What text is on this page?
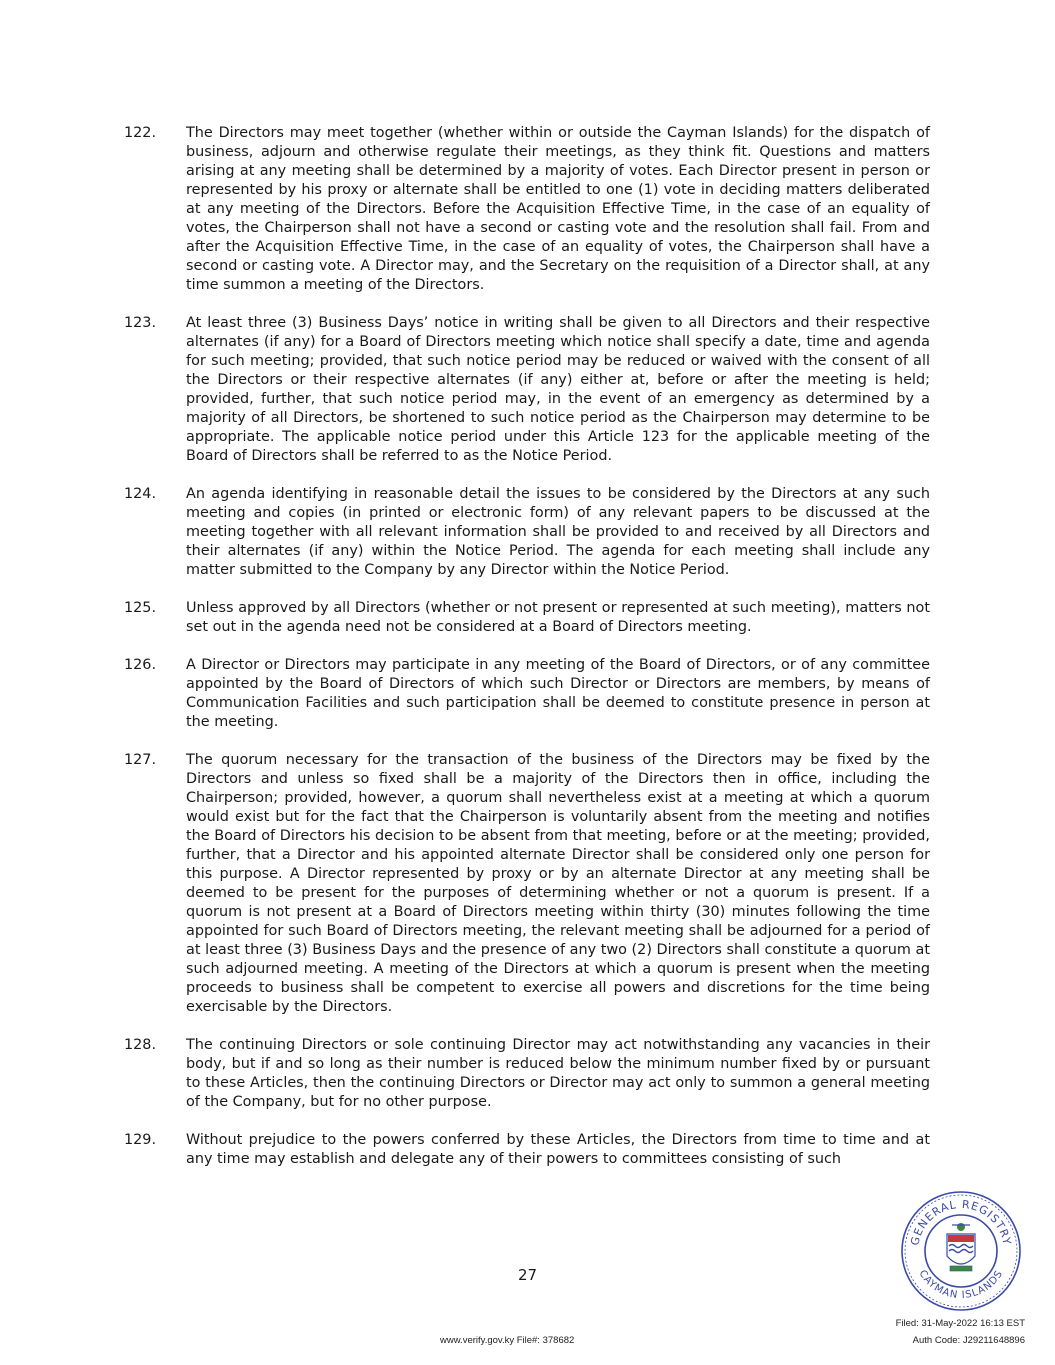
122.	The Directors may meet together (whether within or outside the Cayman Islands) for the dispatch of business, adjourn and otherwise regulate their meetings, as they think fit. Questions and matters arising at any meeting shall be determined by a majority of votes. Each Director present in person or represented by his proxy or alternate shall be entitled to one (1) vote in deciding matters deliberated at any meeting of the Directors. Before the Acquisition Effective Time, in the case of an equality of votes, the Chairperson shall not have a second or casting vote and the resolution shall fail. From and after the Acquisition Effective Time, in the case of an equality of votes, the Chairperson shall have a second or casting vote. A Director may, and the Secretary on the requisition of a Director shall, at any time summon a meeting of the Directors.
123.	At least three (3) Business Days’ notice in writing shall be given to all Directors and their respective alternates (if any) for a Board of Directors meeting which notice shall specify a date, time and agenda for such meeting; provided, that such notice period may be reduced or waived with the consent of all the Directors or their respective alternates (if any) either at, before or after the meeting is held; provided, further, that such notice period may, in the event of an emergency as determined by a majority of all Directors, be shortened to such notice period as the Chairperson may determine to be appropriate. The applicable notice period under this Article 123 for the applicable meeting of the Board of Directors shall be referred to as the Notice Period.
124.	An agenda identifying in reasonable detail the issues to be considered by the Directors at any such meeting and copies (in printed or electronic form) of any relevant papers to be discussed at the meeting together with all relevant information shall be provided to and received by all Directors and their alternates (if any) within the Notice Period. The agenda for each meeting shall include any matter submitted to the Company by any Director within the Notice Period.
125.	Unless approved by all Directors (whether or not present or represented at such meeting), matters not set out in the agenda need not be considered at a Board of Directors meeting.
126.	A Director or Directors may participate in any meeting of the Board of Directors, or of any committee appointed by the Board of Directors of which such Director or Directors are members, by means of Communication Facilities and such participation shall be deemed to constitute presence in person at the meeting.
127.	The quorum necessary for the transaction of the business of the Directors may be fixed by the Directors and unless so fixed shall be a majority of the Directors then in office, including the Chairperson; provided, however, a quorum shall nevertheless exist at a meeting at which a quorum would exist but for the fact that the Chairperson is voluntarily absent from the meeting and notifies the Board of Directors his decision to be absent from that meeting, before or at the meeting; provided, further, that a Director and his appointed alternate Director shall be considered only one person for this purpose. A Director represented by proxy or by an alternate Director at any meeting shall be deemed to be present for the purposes of determining whether or not a quorum is present. If a quorum is not present at a Board of Directors meeting within thirty (30) minutes following the time appointed for such Board of Directors meeting, the relevant meeting shall be adjourned for a period of at least three (3) Business Days and the presence of any two (2) Directors shall constitute a quorum at such adjourned meeting. A meeting of the Directors at which a quorum is present when the meeting proceeds to business shall be competent to exercise all powers and discretions for the time being exercisable by the Directors.
128.	The continuing Directors or sole continuing Director may act notwithstanding any vacancies in their body, but if and so long as their number is reduced below the minimum number fixed by or pursuant to these Articles, then the continuing Directors or Director may act only to summon a general meeting of the Company, but for no other purpose.
129.	Without prejudice to the powers conferred by these Articles, the Directors from time to time and at any time may establish and delegate any of their powers to committees consisting of such
27
GENERAL REGISTRY
CAYMAN ISLANDS
www.verify.gov.ky File#: 378682
Filed: 31-May-2022 16:13 EST
Auth Code: J29211648896
